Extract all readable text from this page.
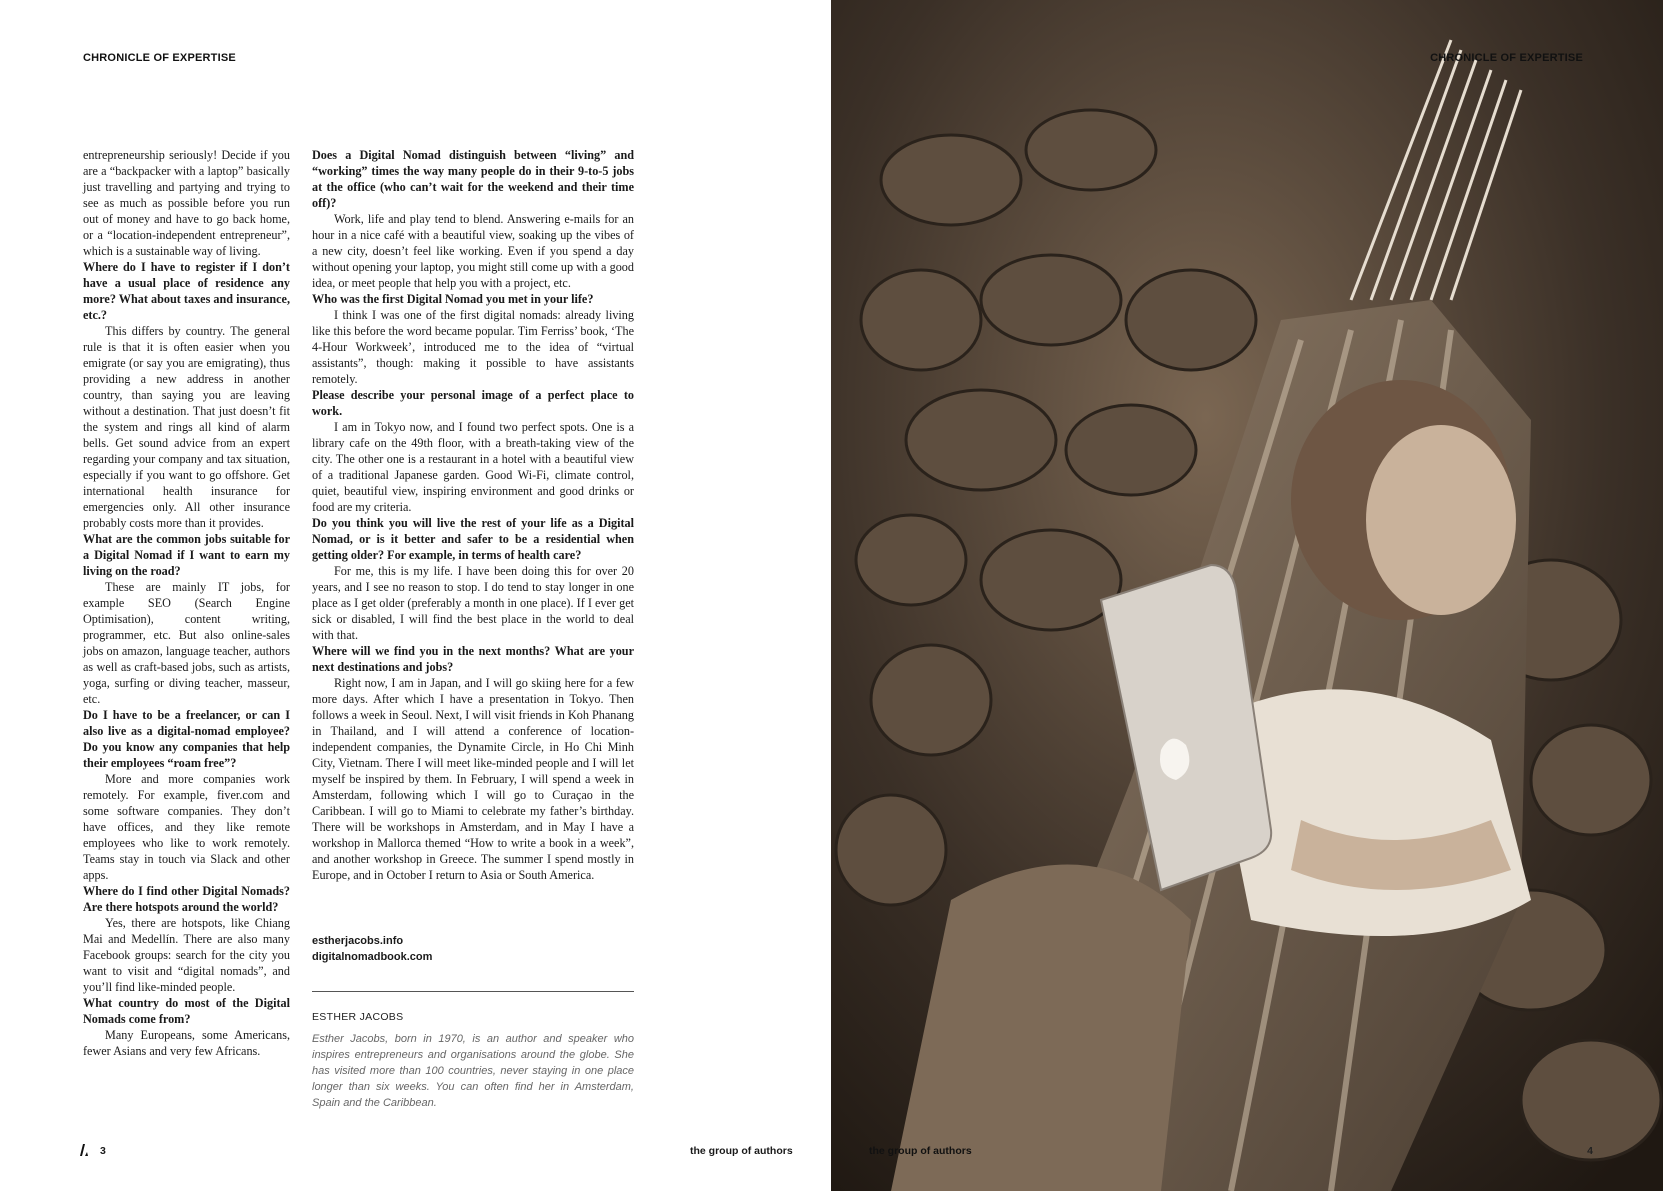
CHRONICLE OF EXPERTISE

entrepreneurship seriously! Decide if you are a “backpacker with a laptop” basically just travelling and partying and trying to see as much as possible before you run out of money and have to go back home, or a “location-independent entrepreneur”, which is a sustainable way of living.

Where do I have to register if I don’t have a usual place of residence any more? What about taxes and insurance, etc.?

This differs by country. The general rule is that it is often easier when you emigrate (or say you are emigrating), thus providing a new address in another country, than saying you are leaving without a destination. That just doesn’t fit the system and rings all kind of alarm bells. Get sound advice from an expert regarding your company and tax situation, especially if you want to go offshore. Get international health insurance for emergencies only. All other insurance probably costs more than it provides.

What are the common jobs suitable for a Digital Nomad if I want to earn my living on the road?

These are mainly IT jobs, for example SEO (Search Engine Optimisation), content writing, programmer, etc. But also online-sales jobs on amazon, language teacher, authors as well as craft-based jobs, such as artists, yoga, surfing or diving teacher, masseur, etc.

Do I have to be a freelancer, or can I also live as a digital-nomad employee? Do you know any companies that help their employees “roam free”?

More and more companies work remotely. For example, fiver.com and some software companies. They don’t have offices, and they like remote employees who like to work remotely. Teams stay in touch via Slack and other apps.

Where do I find other Digital Nomads? Are there hotspots around the world?

Yes, there are hotspots, like Chiang Mai and Medellín. There are also many Facebook groups: search for the city you want to visit and “digital nomads”, and you’ll find like-minded people.

What country do most of the Digital Nomads come from?

Many Europeans, some Americans, fewer Asians and very few Africans.

Does a Digital Nomad distinguish between “living” and “working” times the way many people do in their 9-to-5 jobs at the office (who can’t wait for the weekend and their time off)?

Work, life and play tend to blend. Answering e-mails for an hour in a nice café with a beautiful view, soaking up the vibes of a new city, doesn’t feel like working. Even if you spend a day without opening your laptop, you might still come up with a good idea, or meet people that help you with a project, etc.

Who was the first Digital Nomad you met in your life?

I think I was one of the first digital nomads: already living like this before the word became popular. Tim Ferriss’ book, ‘The 4-Hour Workweek’, introduced me to the idea of “virtual assistants”, though: making it possible to have assistants remotely.

Please describe your personal image of a perfect place to work.

I am in Tokyo now, and I found two perfect spots. One is a library cafe on the 49th floor, with a breath-taking view of the city. The other one is a restaurant in a hotel with a beautiful view of a traditional Japanese garden. Good Wi-Fi, climate control, quiet, beautiful view, inspiring environment and good drinks or food are my criteria.

Do you think you will live the rest of your life as a Digital Nomad, or is it better and safer to be a residential when getting older? For example, in terms of health care?

For me, this is my life. I have been doing this for over 20 years, and I see no reason to stop. I do tend to stay longer in one place as I get older (preferably a month in one place). If I ever get sick or disabled, I will find the best place in the world to deal with that.

Where will we find you in the next months? What are your next destinations and jobs?

Right now, I am in Japan, and I will go skiing here for a few more days. After which I have a presentation in Tokyo. Then follows a week in Seoul. Next, I will visit friends in Koh Phanang in Thailand, and I will attend a conference of location-independent companies, the Dynamite Circle, in Ho Chi Minh City, Vietnam. There I will meet like-minded people and I will let myself be inspired by them. In February, I will spend a week in Amsterdam, following which I will go to Curaçao in the Caribbean. I will go to Miami to celebrate my father’s birthday. There will be workshops in Amsterdam, and in May I have a workshop in Mallorca themed “How to write a book in a week”, and another workshop in Greece. The summer I spend mostly in Europe, and in October I return to Asia or South America.

estherjacobs.info
digitalnomadbook.com
ESTHER JACOBS
Esther Jacobs, born in 1970, is an author and speaker who inspires entrepreneurs and organisations around the globe. She has visited more than 100 countries, never staying in one place longer than six weeks. You can often find her in Amsterdam, Spain and the Caribbean.
3	the group of authors
CHRONICLE OF EXPERTISE
the group of authors	4
